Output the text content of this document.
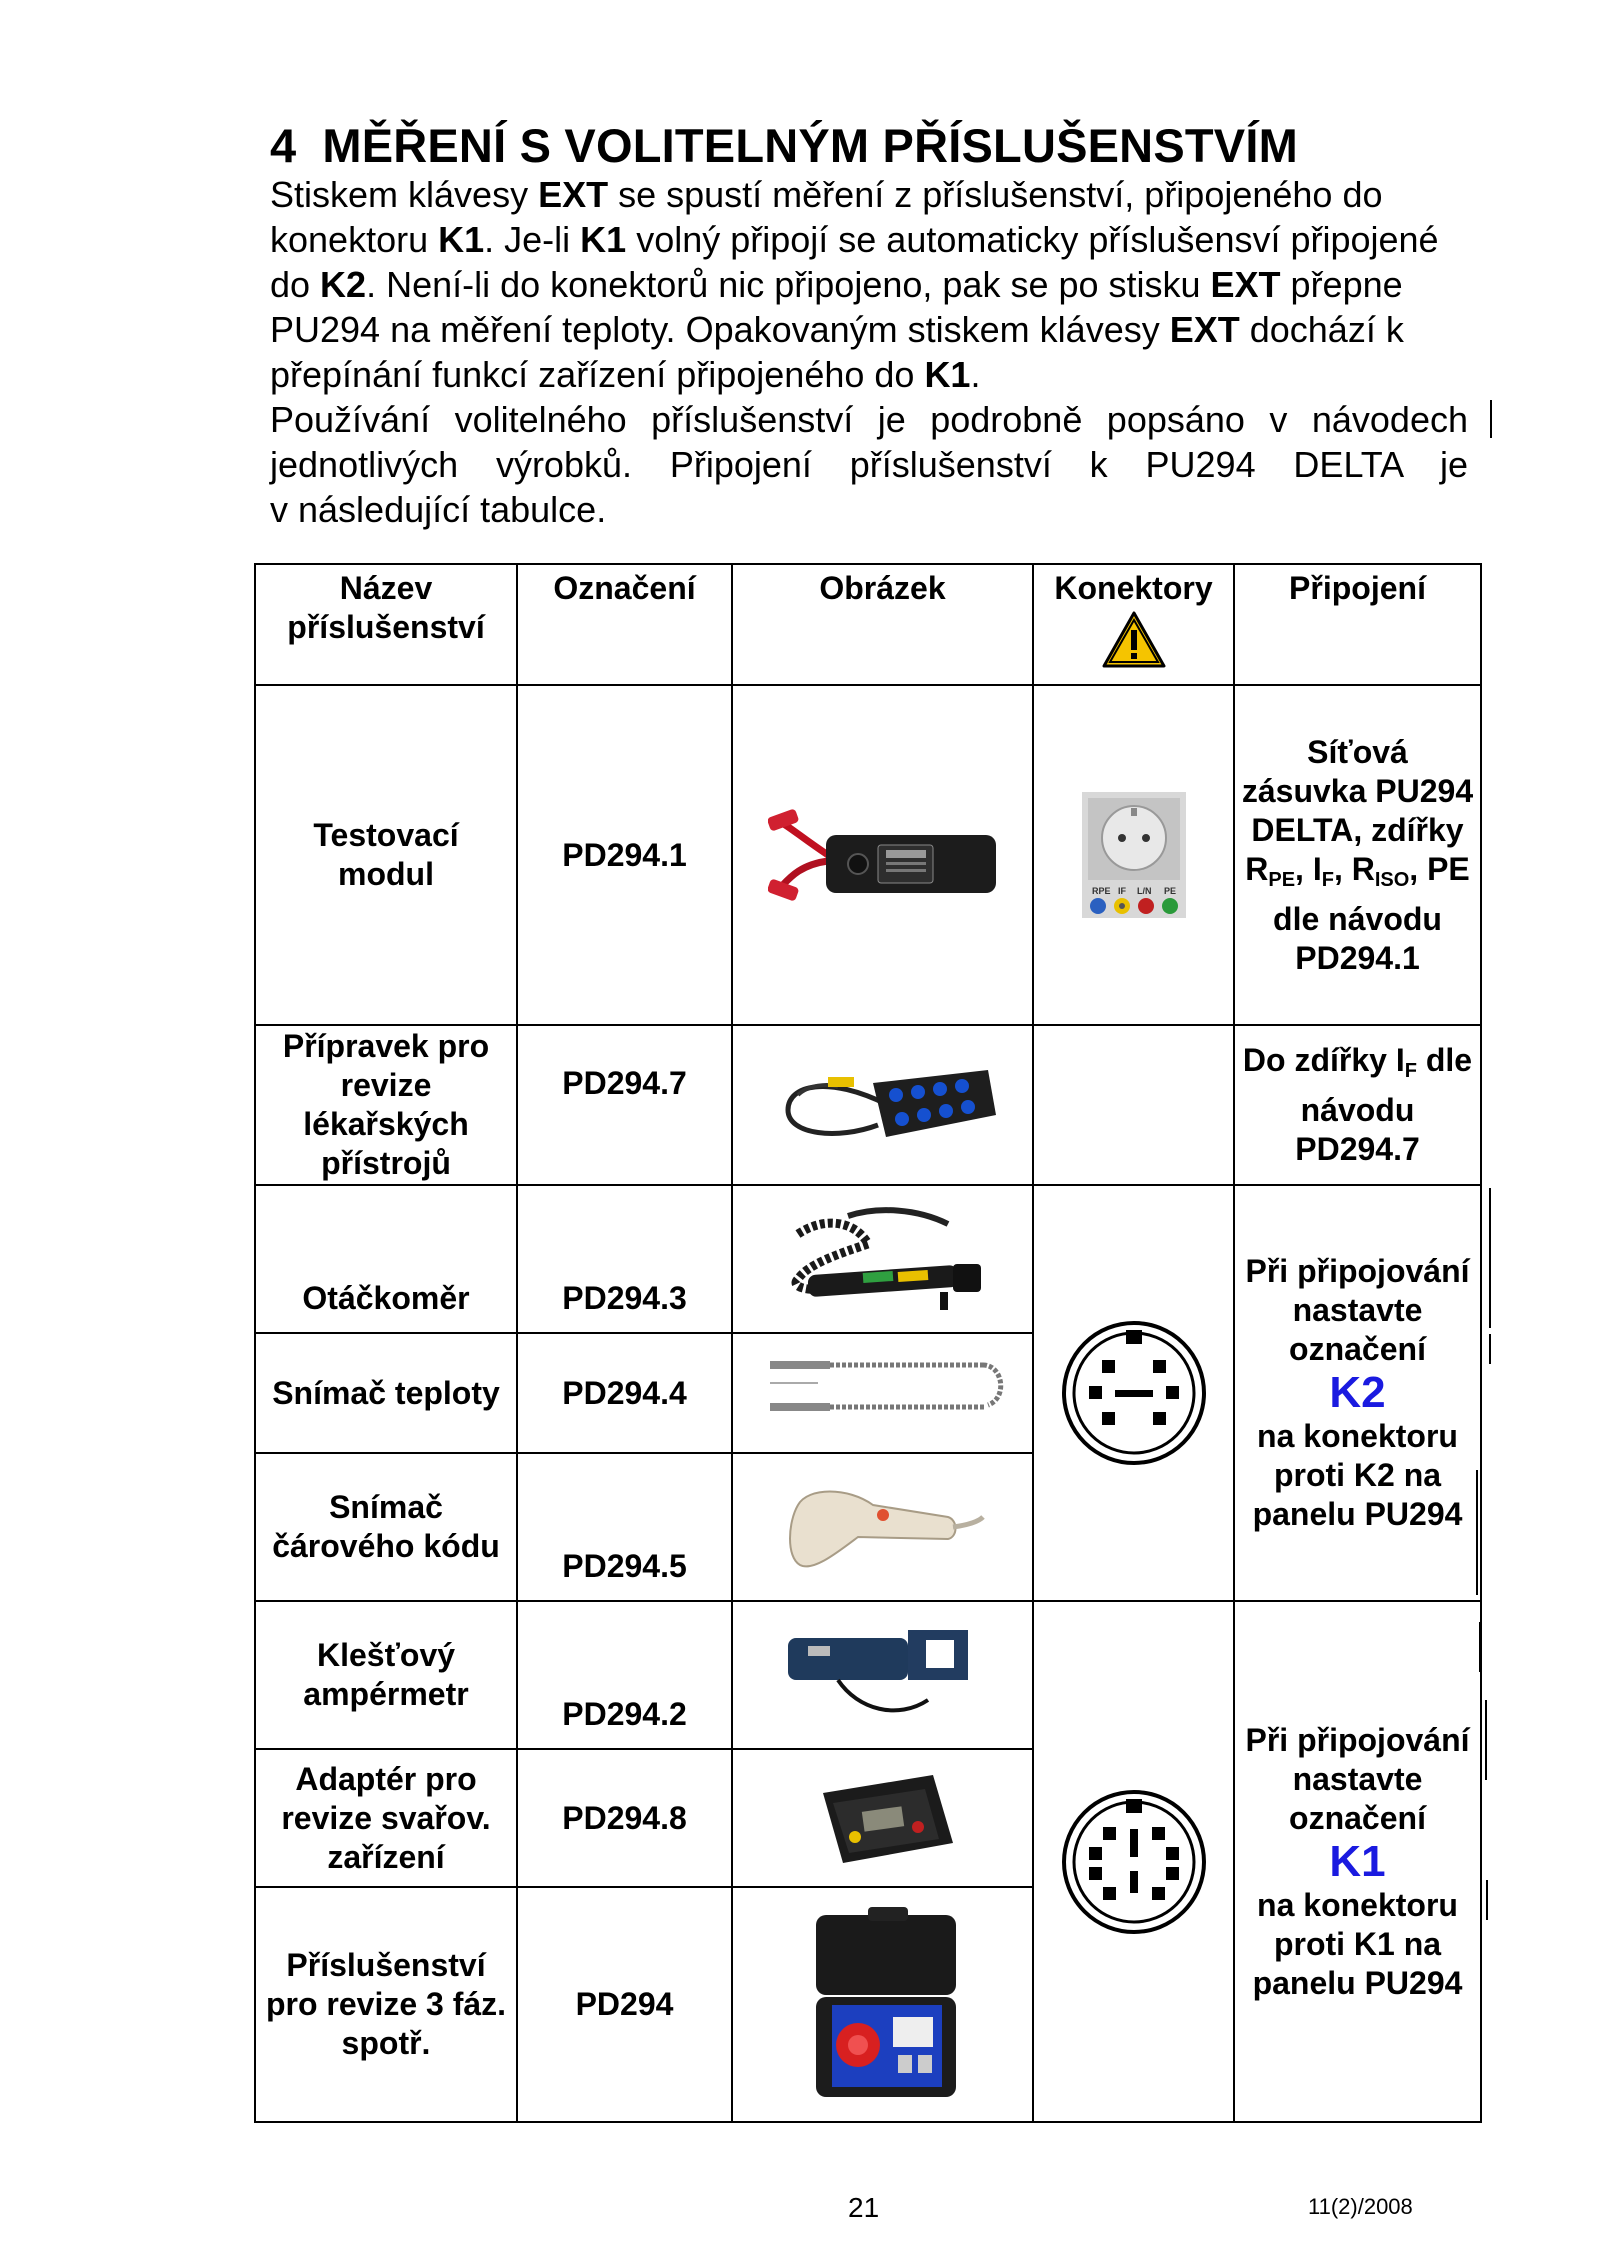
4 MĚŘENÍ S VOLITELNÝM PŘÍSLUŠENSTVÍM
Stiskem klávesy EXT se spustí měření z příslušenství, připojeného do konektoru K1. Je-li K1 volný připojí se automaticky příslušensví připojené do K2. Není-li do konektorů nic připojeno, pak se po stisku EXT přepne PU294 na měření teploty. Opakovaným stiskem klávesy EXT dochází k přepínání funkcí zařízení připojeného do K1.
Používání volitelného příslušenství je podrobně popsáno v návodech
jednotlivých výrobků. Připojení příslušenství k PU294 DELTA je
v následující tabulce.
Název příslušenství	Označení	Obrázek	Konektory	Připojení
Testovací modul	PD294.1		RPE IF L/N PE	Síťová zásuvka PU294 DELTA, zdířky $R_{PE}$, $I_F$, $R_{ISO}$, PE dle návodu PD294.1
Přípravek pro revize lékařských přístrojů	PD294.7			Do zdířky $I_F$ dle návodu PD294.7
Otáčkoměr	PD294.3			Při připojování nastavte označení
K2
na konektoru proti K2 na panelu PU294
Snímač teploty	PD294.4	

Snímač čárového kódu	PD294.5	

Klešťový ampérmetr	PD294.2			Při připojování nastavte označení
K1
na konektoru proti K1 na panelu PU294
Adaptér pro revize svařov. zařízení	PD294.8	

Příslušenství pro revize 3 fáz. spotř.	PD294	
21	11(2)/2008
